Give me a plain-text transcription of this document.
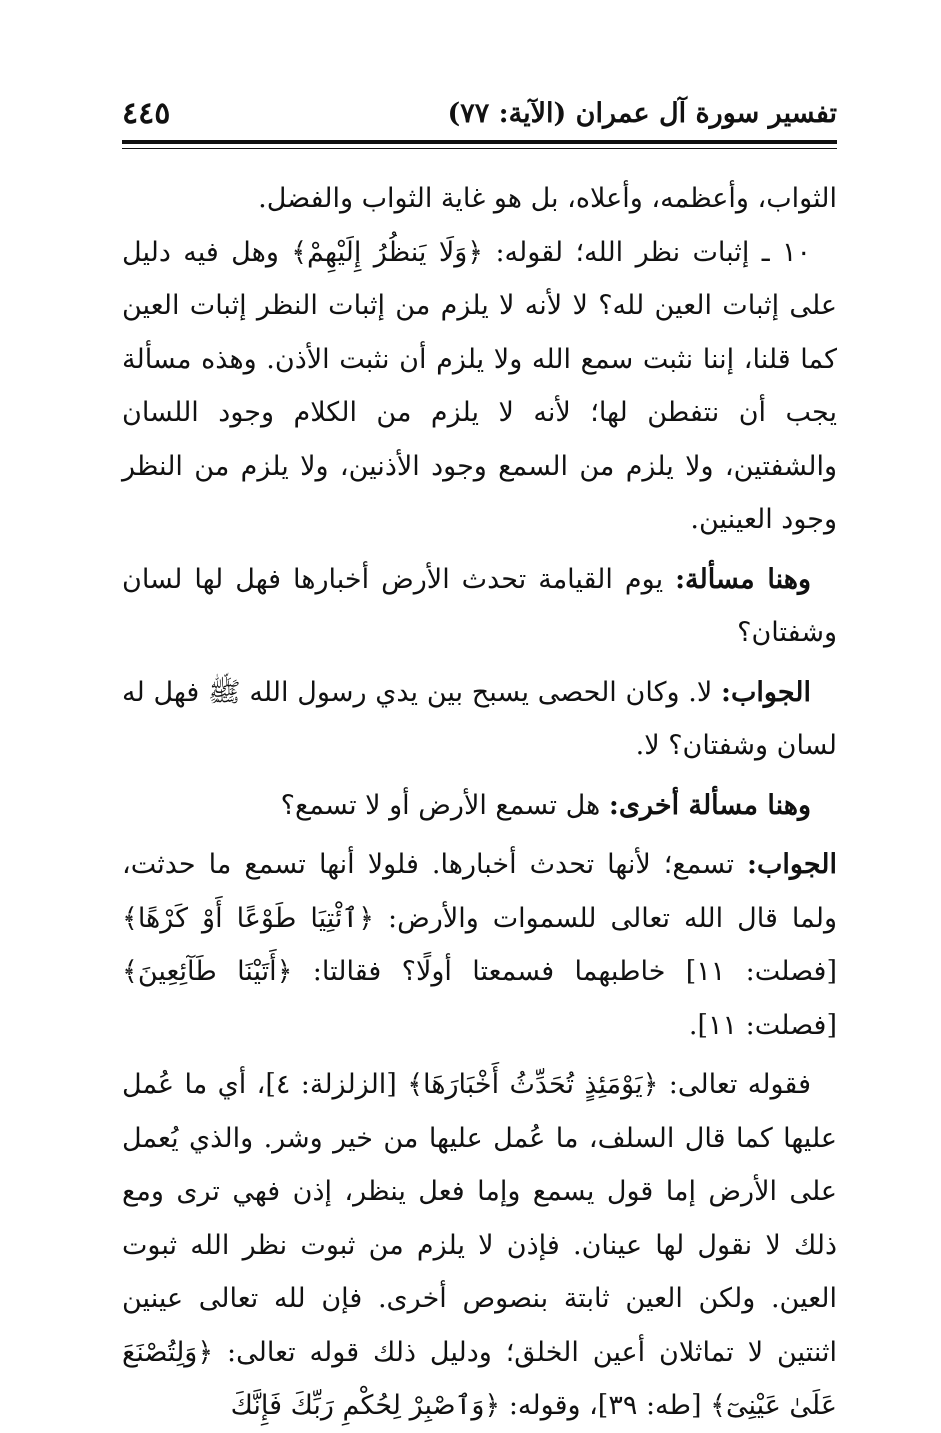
تفسير سورة آل عمران (الآية: ٧٧)
٤٤٥

الثواب، وأعظمه، وأعلاه، بل هو غاية الثواب والفضل.

١٠ ـ إثبات نظر الله؛ لقوله: ﴿وَلَا يَنظُرُ إِلَيْهِمْ﴾ وهل فيه دليل على إثبات العين لله؟ لا لأنه لا يلزم من إثبات النظر إثبات العين كما قلنا، إننا نثبت سمع الله ولا يلزم أن نثبت الأذن. وهذه مسألة يجب أن نتفطن لها؛ لأنه لا يلزم من الكلام وجود اللسان والشفتين، ولا يلزم من السمع وجود الأذنين، ولا يلزم من النظر وجود العينين.

وهنا مسألة: يوم القيامة تحدث الأرض أخبارها فهل لها لسان وشفتان؟

الجواب: لا. وكان الحصى يسبح بين يدي رسول الله ﷺ فهل له لسان وشفتان؟ لا.

وهنا مسألة أخرى: هل تسمع الأرض أو لا تسمع؟

الجواب: تسمع؛ لأنها تحدث أخبارها. فلولا أنها تسمع ما حدثت، ولما قال الله تعالى للسموات والأرض: ﴿ٱئْتِيَا طَوْعًا أَوْ كَرْهًا﴾ [فصلت: ١١] خاطبهما فسمعتا أولًا؟ فقالتا: ﴿أَتَيْنَا طَآئِعِينَ﴾ [فصلت: ١١].

فقوله تعالى: ﴿يَوْمَئِذٍ تُحَدِّثُ أَخْبَارَهَا﴾ [الزلزلة: ٤]، أي ما عُمل عليها كما قال السلف، ما عُمل عليها من خير وشر. والذي يُعمل على الأرض إما قول يسمع وإما فعل ينظر، إذن فهي ترى ومع ذلك لا نقول لها عينان. فإذن لا يلزم من ثبوت نظر الله ثبوت العين. ولكن العين ثابتة بنصوص أخرى. فإن لله تعالى عينين اثنتين لا تماثلان أعين الخلق؛ ودليل ذلك قوله تعالى: ﴿وَلِتُصْنَعَ عَلَىٰ عَيْنِىٓ﴾ [طه: ٣٩]، وقوله: ﴿وَٱصْبِرْ لِحُكْمِ رَبِّكَ فَإِنَّكَ
